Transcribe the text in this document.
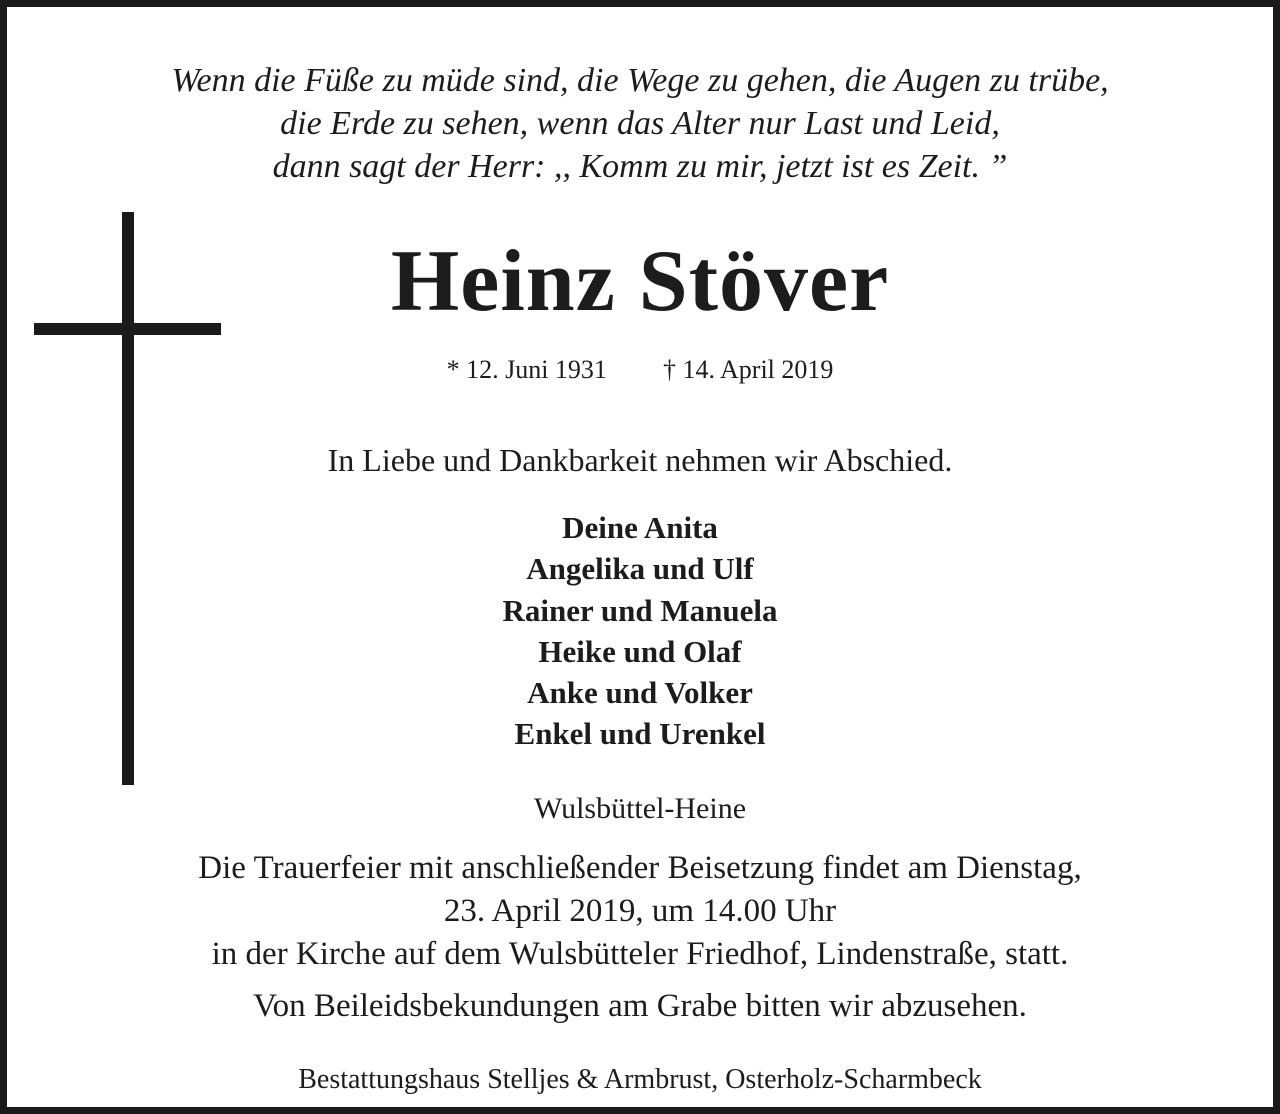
Wenn die Füße zu müde sind, die Wege zu gehen, die Augen zu trübe,
die Erde zu sehen, wenn das Alter nur Last und Leid,
dann sagt der Herr: ,, Komm zu mir, jetzt ist es Zeit. ”
Heinz Stöver
* 12. Juni 1931 † 14. April 2019
In Liebe und Dankbarkeit nehmen wir Abschied.
Deine Anita
Angelika und Ulf
Rainer und Manuela
Heike und Olaf
Anke und Volker
Enkel und Urenkel
Wulsbüttel-Heine
Die Trauerfeier mit anschließender Beisetzung findet am Dienstag,
23. April 2019, um 14.00 Uhr
in der Kirche auf dem Wulsbütteler Friedhof, Lindenstraße, statt.
Von Beileidsbekundungen am Grabe bitten wir abzusehen.
Bestattungshaus Stelljes & Armbrust, Osterholz-Scharmbeck
